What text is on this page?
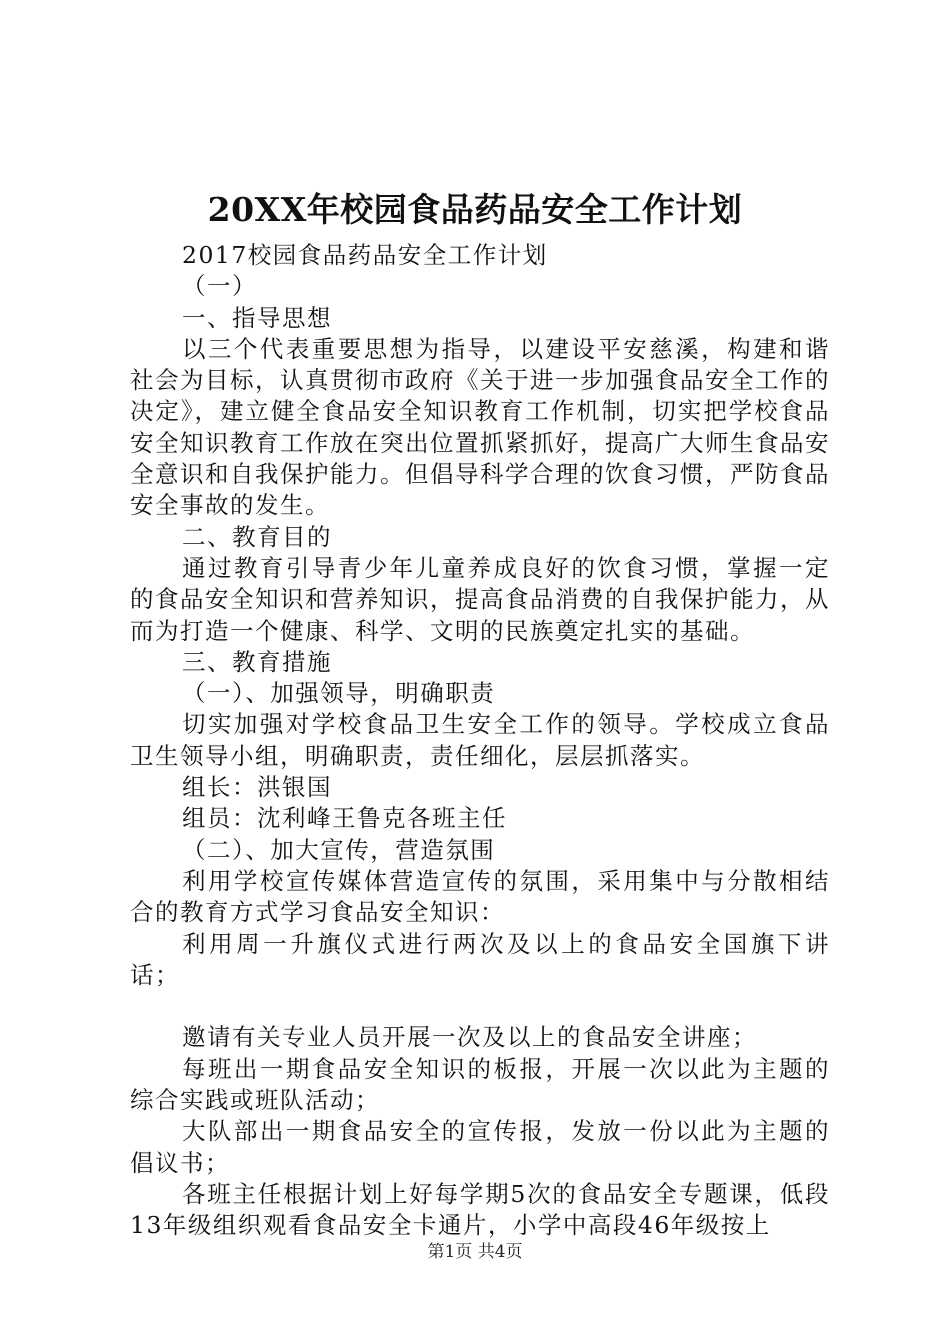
20XX年校园食品药品安全工作计划

2017校园食品药品安全工作计划

（一）

一、指导思想

以三个代表重要思想为指导，以建设平安慈溪，构建和谐社会为目标，认真贯彻市政府《关于进一步加强食品安全工作的决定》，建立健全食品安全知识教育工作机制，切实把学校食品安全知识教育工作放在突出位置抓紧抓好，提高广大师生食品安全意识和自我保护能力。但倡导科学合理的饮食习惯，严防食品安全事故的发生。

二、教育目的

通过教育引导青少年儿童养成良好的饮食习惯，掌握一定的食品安全知识和营养知识，提高食品消费的自我保护能力，从而为打造一个健康、科学、文明的民族奠定扎实的基础。

三、教育措施

（一）、加强领导，明确职责

切实加强对学校食品卫生安全工作的领导。学校成立食品卫生领导小组，明确职责，责任细化，层层抓落实。

组长：洪银国

组员：沈利峰王鲁克各班主任

（二）、加大宣传，营造氛围

利用学校宣传媒体营造宣传的氛围，采用集中与分散相结合的教育方式学习食品安全知识：

利用周一升旗仪式进行两次及以上的食品安全国旗下讲话；

邀请有关专业人员开展一次及以上的食品安全讲座；

每班出一期食品安全知识的板报，开展一次以此为主题的综合实践或班队活动；

大队部出一期食品安全的宣传报，发放一份以此为主题的倡议书；

各班主任根据计划上好每学期5次的食品安全专题课，低段13年级组织观看食品安全卡通片，小学中高段46年级按上

第1页 共4页
